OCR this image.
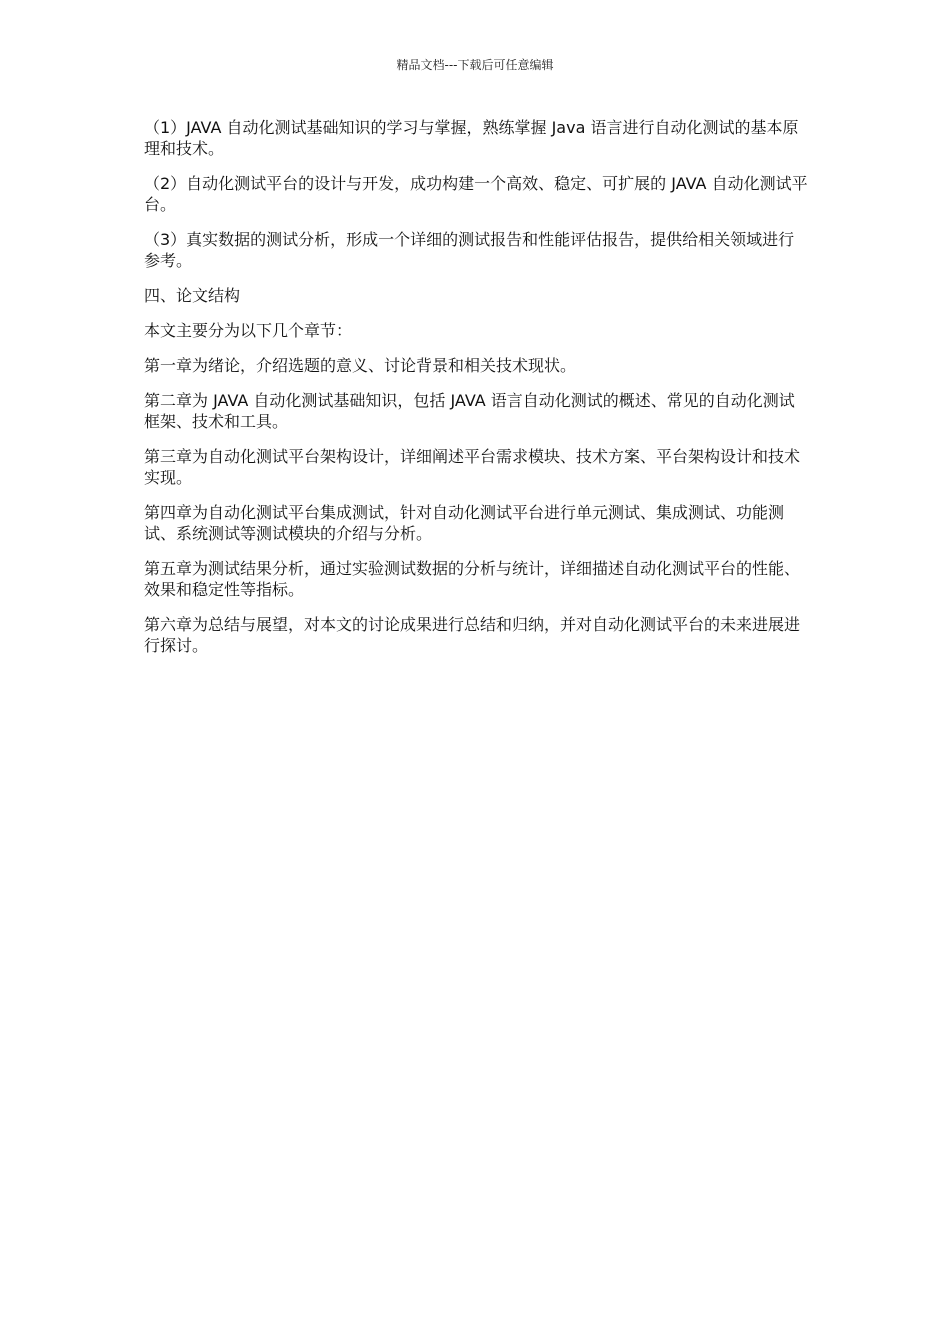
精品文档---下载后可任意编辑

（1）JAVA 自动化测试基础知识的学习与掌握，熟练掌握 Java 语言进行自动化测试的基本原理和技术。

（2）自动化测试平台的设计与开发，成功构建一个高效、稳定、可扩展的 JAVA 自动化测试平台。

（3）真实数据的测试分析，形成一个详细的测试报告和性能评估报告，提供给相关领域进行参考。

四、论文结构

本文主要分为以下几个章节：

第一章为绪论，介绍选题的意义、讨论背景和相关技术现状。

第二章为 JAVA 自动化测试基础知识，包括 JAVA 语言自动化测试的概述、常见的自动化测试框架、技术和工具。

第三章为自动化测试平台架构设计，详细阐述平台需求模块、技术方案、平台架构设计和技术实现。

第四章为自动化测试平台集成测试，针对自动化测试平台进行单元测试、集成测试、功能测试、系统测试等测试模块的介绍与分析。

第五章为测试结果分析，通过实验测试数据的分析与统计，详细描述自动化测试平台的性能、效果和稳定性等指标。

第六章为总结与展望，对本文的讨论成果进行总结和归纳，并对自动化测试平台的未来进展进行探讨。
